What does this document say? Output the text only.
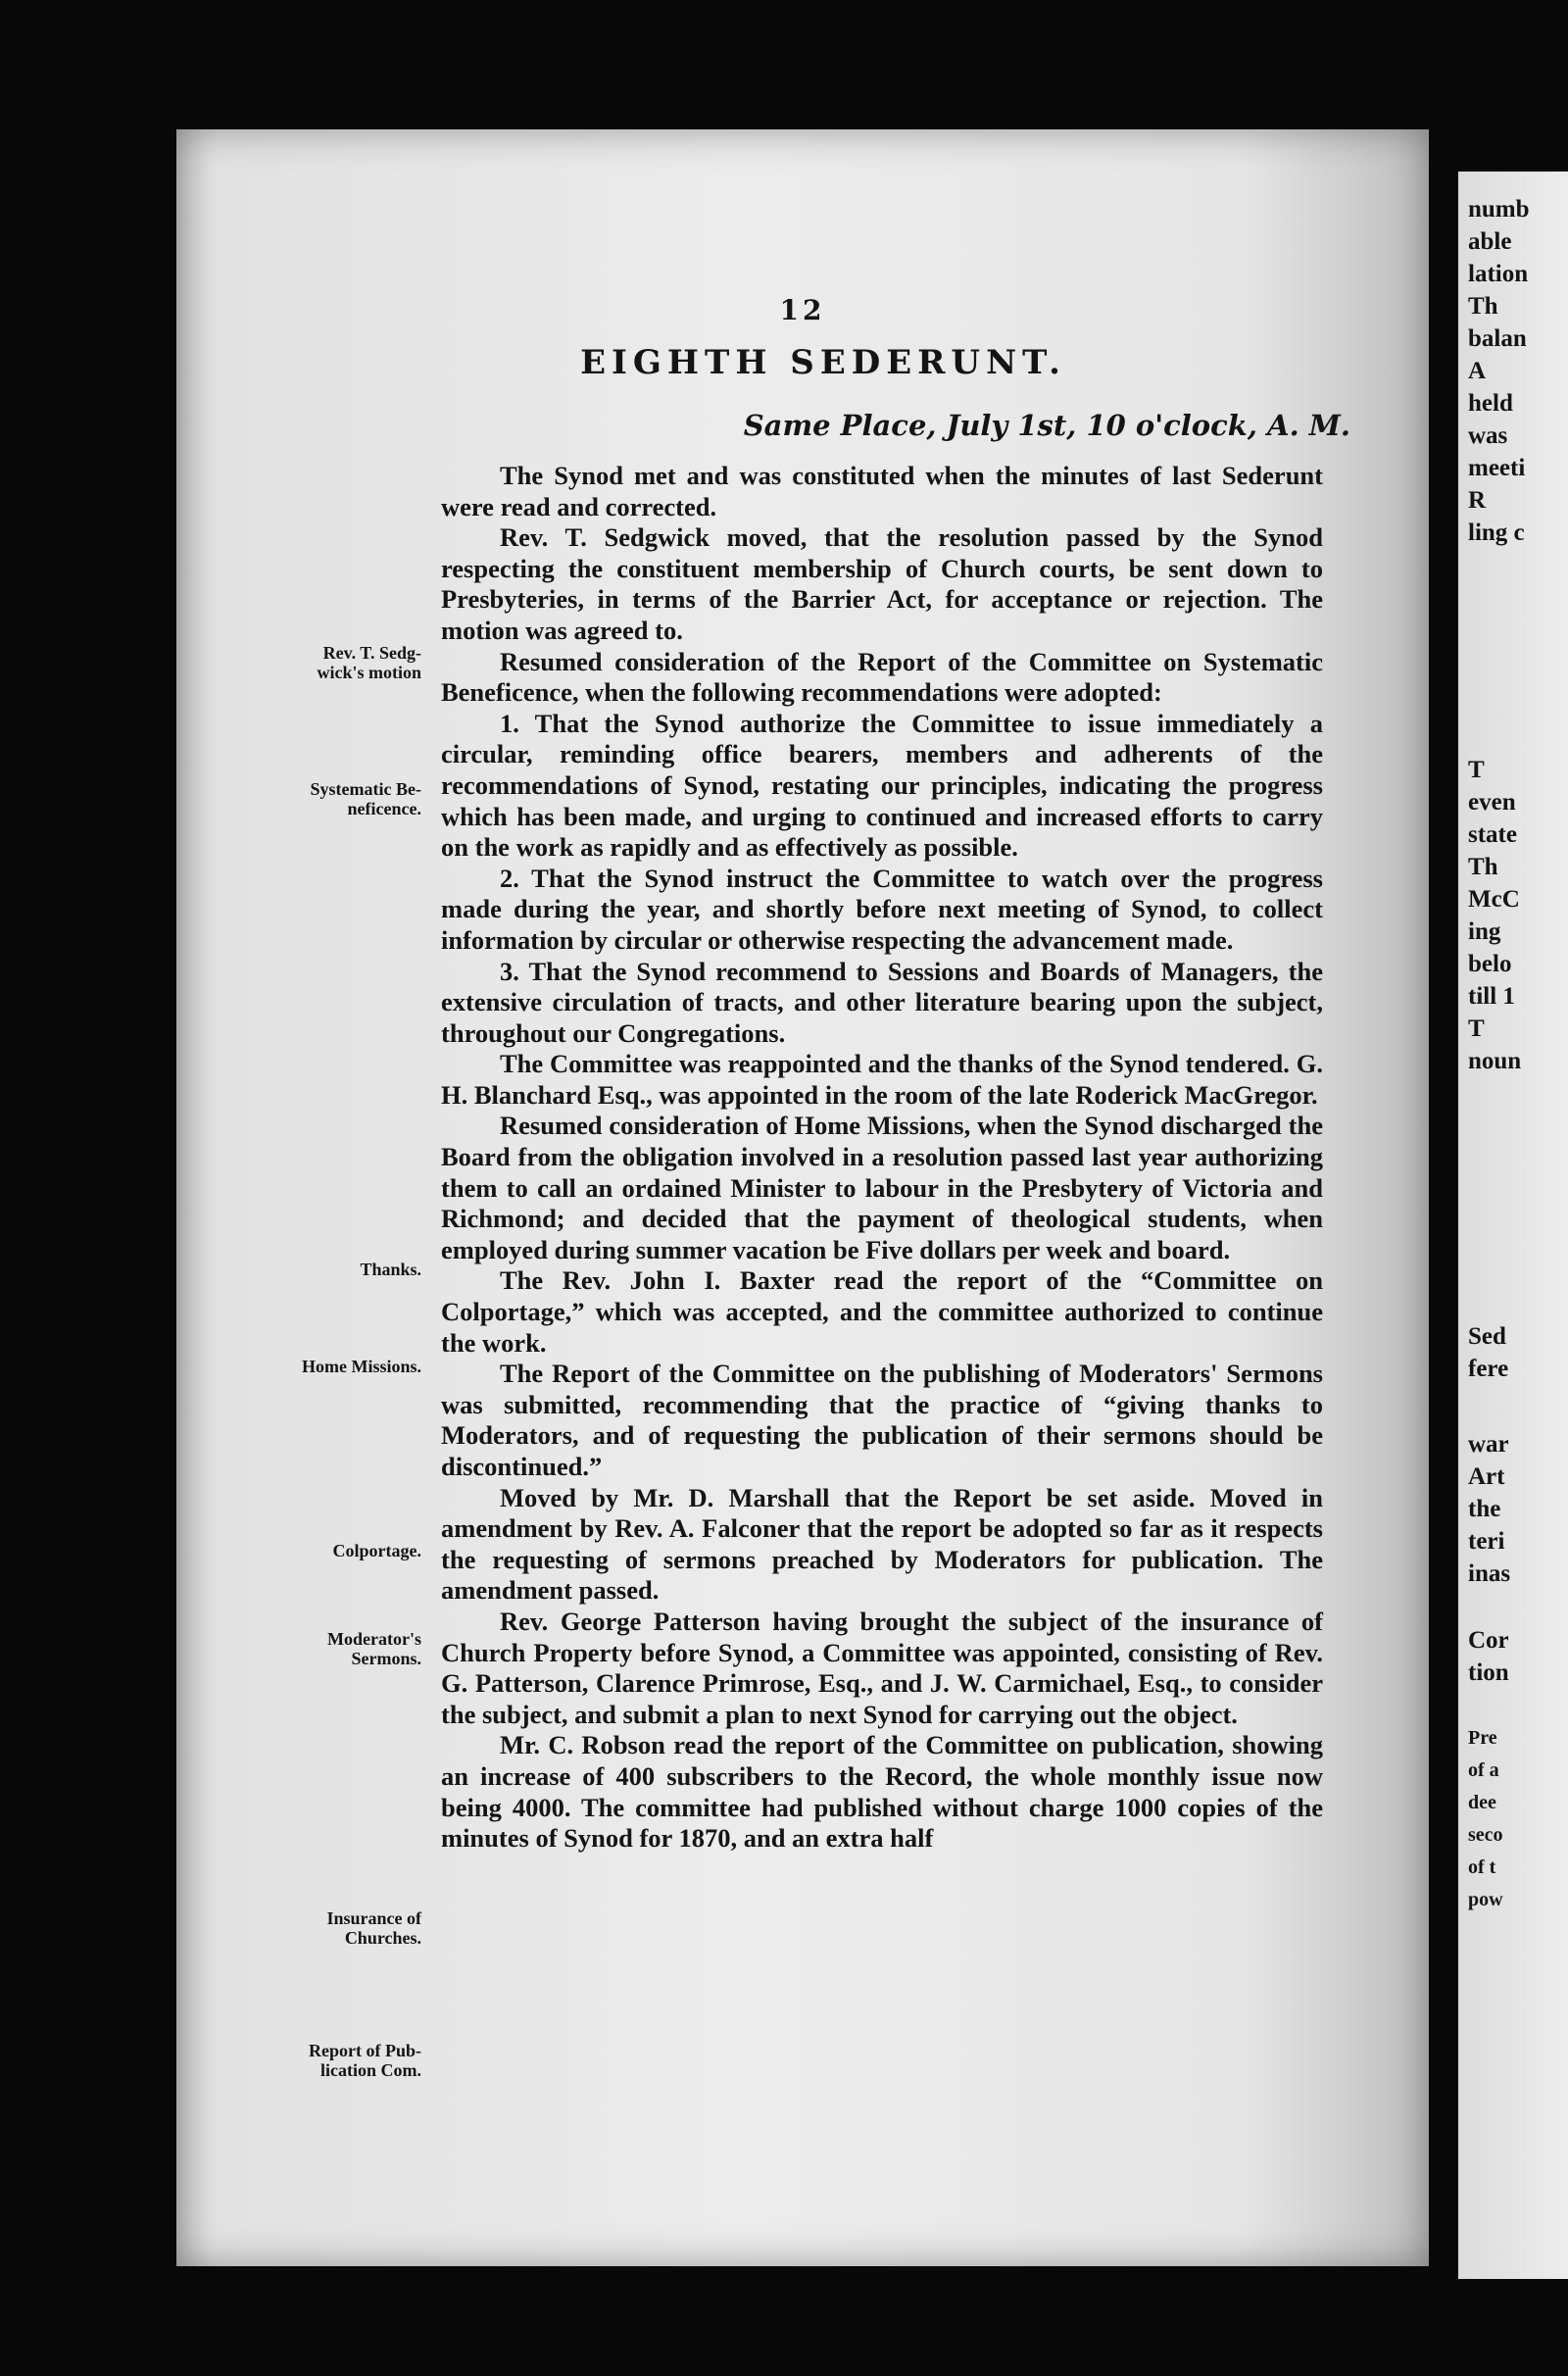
12
EIGHTH SEDERUNT.
Same Place, July 1st, 10 o'clock, A. M.
Rev. T. Sedg-
wick's motion
Systematic Be-
neficence.
Thanks.
Home Missions.
Colportage.
Moderator's
Sermons.
Insurance of
Churches.
Report of Pub-
lication Com.

The Synod met and was constituted when the minutes of last Sederunt were read and corrected.

Rev. T. Sedgwick moved, that the resolution passed by the Synod respecting the constituent membership of Church courts, be sent down to Presbyteries, in terms of the Barrier Act, for acceptance or rejection. The motion was agreed to.

Resumed consideration of the Report of the Committee on Systematic Beneficence, when the following recommendations were adopted:

1. That the Synod authorize the Committee to issue immediately a circular, reminding office bearers, members and adherents of the recommendations of Synod, restating our principles, indicating the progress which has been made, and urging to continued and increased efforts to carry on the work as rapidly and as effectively as possible.

2. That the Synod instruct the Committee to watch over the progress made during the year, and shortly before next meeting of Synod, to collect information by circular or otherwise respecting the advancement made.

3. That the Synod recommend to Sessions and Boards of Managers, the extensive circulation of tracts, and other literature bearing upon the subject, throughout our Congregations.

The Committee was reappointed and the thanks of the Synod tendered. G. H. Blanchard Esq., was appointed in the room of the late Roderick MacGregor.

Resumed consideration of Home Missions, when the Synod discharged the Board from the obligation involved in a resolution passed last year authorizing them to call an ordained Minister to labour in the Presbytery of Victoria and Richmond; and decided that the payment of theological students, when employed during summer vacation be Five dollars per week and board.

The Rev. John I. Baxter read the report of the “Committee on Colportage,” which was accepted, and the committee authorized to continue the work.

The Report of the Committee on the publishing of Moderators' Sermons was submitted, recommending that the practice of “giving thanks to Moderators, and of requesting the publication of their sermons should be discontinued.”

Moved by Mr. D. Marshall that the Report be set aside. Moved in amendment by Rev. A. Falconer that the report be adopted so far as it respects the requesting of sermons preached by Moderators for publication. The amendment passed.

Rev. George Patterson having brought the subject of the insurance of Church Property before Synod, a Committee was appointed, consisting of Rev. G. Patterson, Clarence Primrose, Esq., and J. W. Carmichael, Esq., to consider the subject, and submit a plan to next Synod for carrying out the object.

Mr. C. Robson read the report of the Committee on publication, showing an increase of 400 subscribers to the Record, the whole monthly issue now being 4000. The committee had published without charge 1000 copies of the minutes of Synod for 1870, and an extra half

numb
able
lation
Th
balan
A
held
was
meeti
R
ling c
T
even
state
Th
McC
ing
belo
till 1
T
noun
Sed
fere
war
Art
the
teri
inas
Cor
tion
Pre
of a
dee
seco
of t
pow
